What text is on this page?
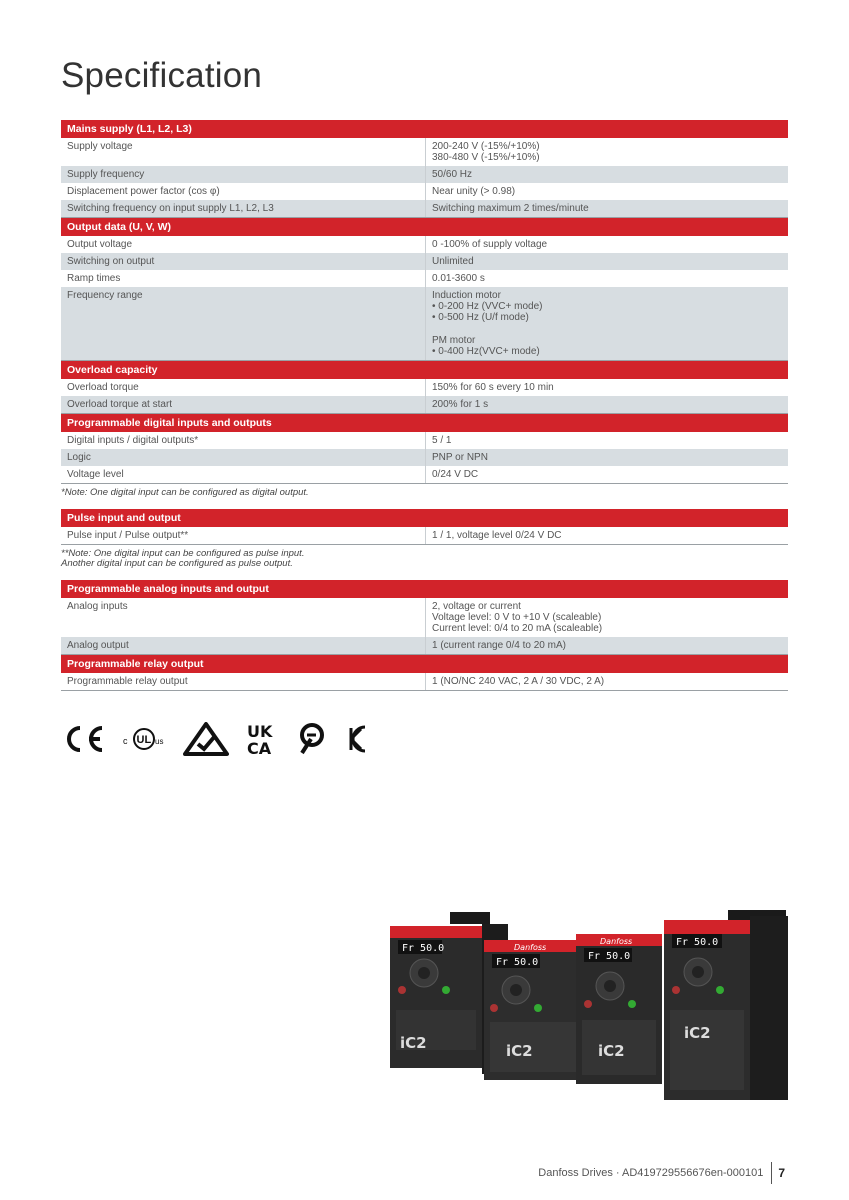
Specification
Mains supply (L1, L2, L3)
Supply voltage	200-240 V (-15%/+10%)
380-480 V (-15%/+10%)
Supply frequency	50/60 Hz
Displacement power factor (cos φ)	Near unity (> 0.98)
Switching frequency on input supply L1, L2, L3	Switching maximum 2 times/minute
Output data (U, V, W)
Output voltage	0 -100% of supply voltage
Switching on output	Unlimited
Ramp times	0.01-3600 s
Frequency range	Induction motor
• 0-200 Hz (VVC+ mode)
• 0-500 Hz (U/f mode)
PM motor
• 0-400 Hz(VVC+ mode)
Overload capacity
Overload torque	150% for 60 s every 10 min
Overload torque at start	200% for 1 s
Programmable digital inputs and outputs
Digital inputs / digital outputs*	5 / 1
Logic	PNP or NPN
Voltage level	0/24 V DC
*Note: One digital input can be configured as digital output.
Pulse input and output
Pulse input / Pulse output**	1 / 1, voltage level 0/24 V DC
**Note: One digital input can be configured as pulse input.
Another digital input can be configured as pulse output.
Programmable analog inputs and output
Analog inputs	2, voltage or current
Voltage level: 0 V to +10 V (scaleable)
Current level: 0/4 to 20 mA (scaleable)
Analog output	1 (current range 0/4 to 20 mA)
Programmable relay output
Programmable relay output	1 (NO/NC 240 VAC, 2 A / 30 VDC, 2 A)
c UL us
UK
CA
Fr 50.0
iC2
Danfoss
Fr 50.0
iC2
Danfoss
Fr 50.0
iC2
Fr 50.0
iC2
Danfoss Drives · AD419729556676en-000101 7
